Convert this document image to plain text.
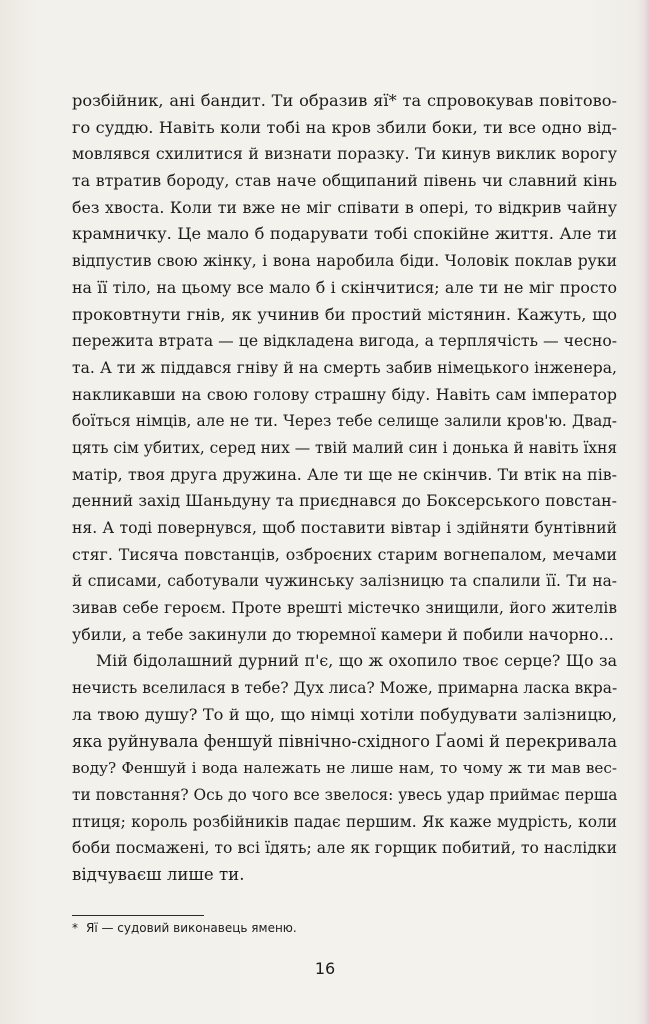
розбійник, ані бандит. Ти образив яї* та спровокував повітово-
го суддю. Навіть коли тобі на кров збили боки, ти все одно від-
мовлявся схилитися й визнати поразку. Ти кинув виклик ворогу
та втратив бороду, став наче общипаний півень чи славний кінь
без хвоста. Коли ти вже не міг співати в опері, то відкрив чайну
крамничку. Це мало б подарувати тобі спокійне життя. Але ти
відпустив свою жінку, і вона наробила біди. Чоловік поклав руки
на її тіло, на цьому все мало б і скінчитися; але ти не міг просто
проковтнути гнів, як учинив би простий містянин. Кажуть, що
пережита втрата — це відкладена вигода, а терплячість — чесно-
та. А ти ж піддався гніву й на смерть забив німецького інженера,
накликавши на свою голову страшну біду. Навіть сам імператор
боїться німців, але не ти. Через тебе селище залили кров'ю. Двад-
цять сім убитих, серед них — твій малий син і донька й навіть їхня
матір, твоя друга дружина. Але ти ще не скінчив. Ти втік на пів-
денний захід Шаньдуну та приєднався до Боксерського повстан-
ня. А тоді повернувся, щоб поставити вівтар і здійняти бунтівний
стяг. Тисяча повстанців, озброєних старим вогнепалом, мечами
й списами, саботували чужинську залізницю та спалили її. Ти на-
зивав себе героєм. Проте врешті містечко знищили, його жителів
убили, а тебе закинули до тюремної камери й побили начорно...
Мій бідолашний дурний п'є, що ж охопило твоє серце? Що за
нечисть вселилася в тебе? Дух лиса? Може, примарна ласка вкра-
ла твою душу? То й що, що німці хотіли побудувати залізницю,
яка руйнувала феншуй північно-східного Ґаомі й перекривала
воду? Феншуй і вода належать не лише нам, то чому ж ти мав вес-
ти повстання? Ось до чого все звелося: увесь удар приймає перша
птиця; король розбійників падає першим. Як каже мудрість, коли
боби посмажені, то всі їдять; але як горщик побитий, то наслідки
відчуваєш лише ти.
* Яї — судовий виконавець ямeню.
16
